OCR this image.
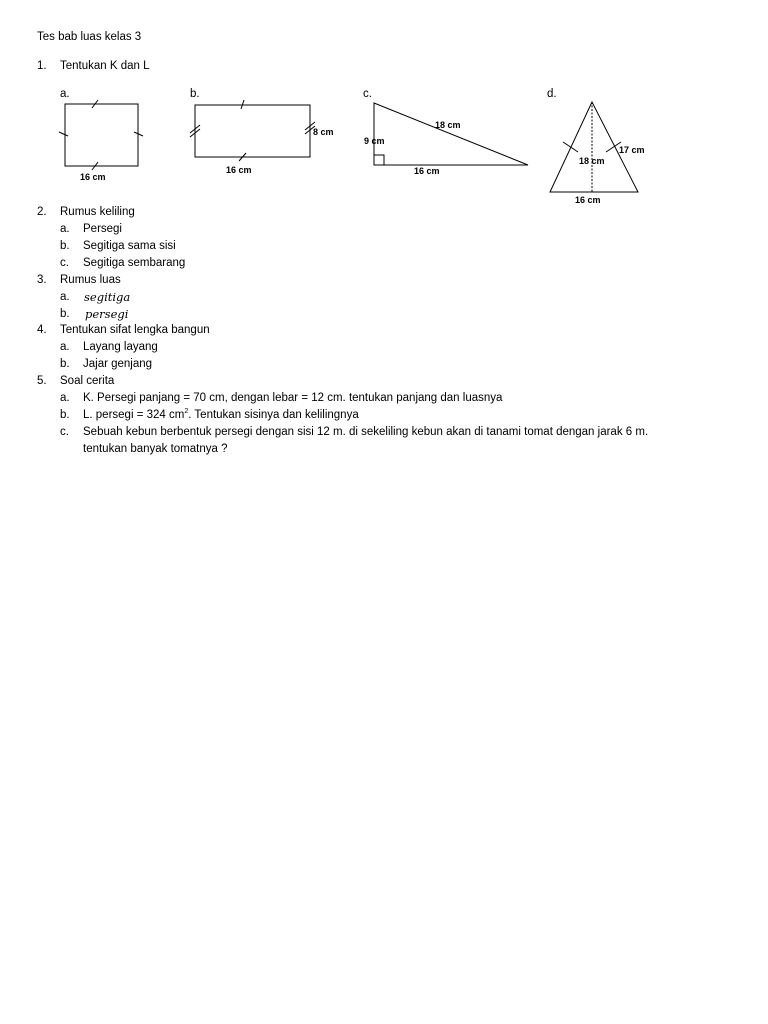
Tes bab luas kelas 3
1. Tentukan K dan L
a.	b.	c.	d.
16 cm
16 cm
8 cm
18 cm
9 cm
16 cm
17 cm
18 cm
16 cm
2. Rumus keliling
a. Persegi
b. Segitiga sama sisi
c. Segitiga sembarang
3. Rumus luas
a. segitiga
b. persegi
4. Tentukan sifat lengka bangun
a. Layang layang
b. Jajar genjang
5. Soal cerita
a. K. Persegi panjang = 70 cm, dengan lebar = 12 cm. tentukan panjang dan luasnya
b. L. persegi = 324 $cm^2$. Tentukan sisinya dan kelilingnya
c. Sebuah kebun berbentuk persegi dengan sisi 12 m. di sekeliling kebun akan di tanami tomat dengan jarak 6 m.
tentukan banyak tomatnya ?
